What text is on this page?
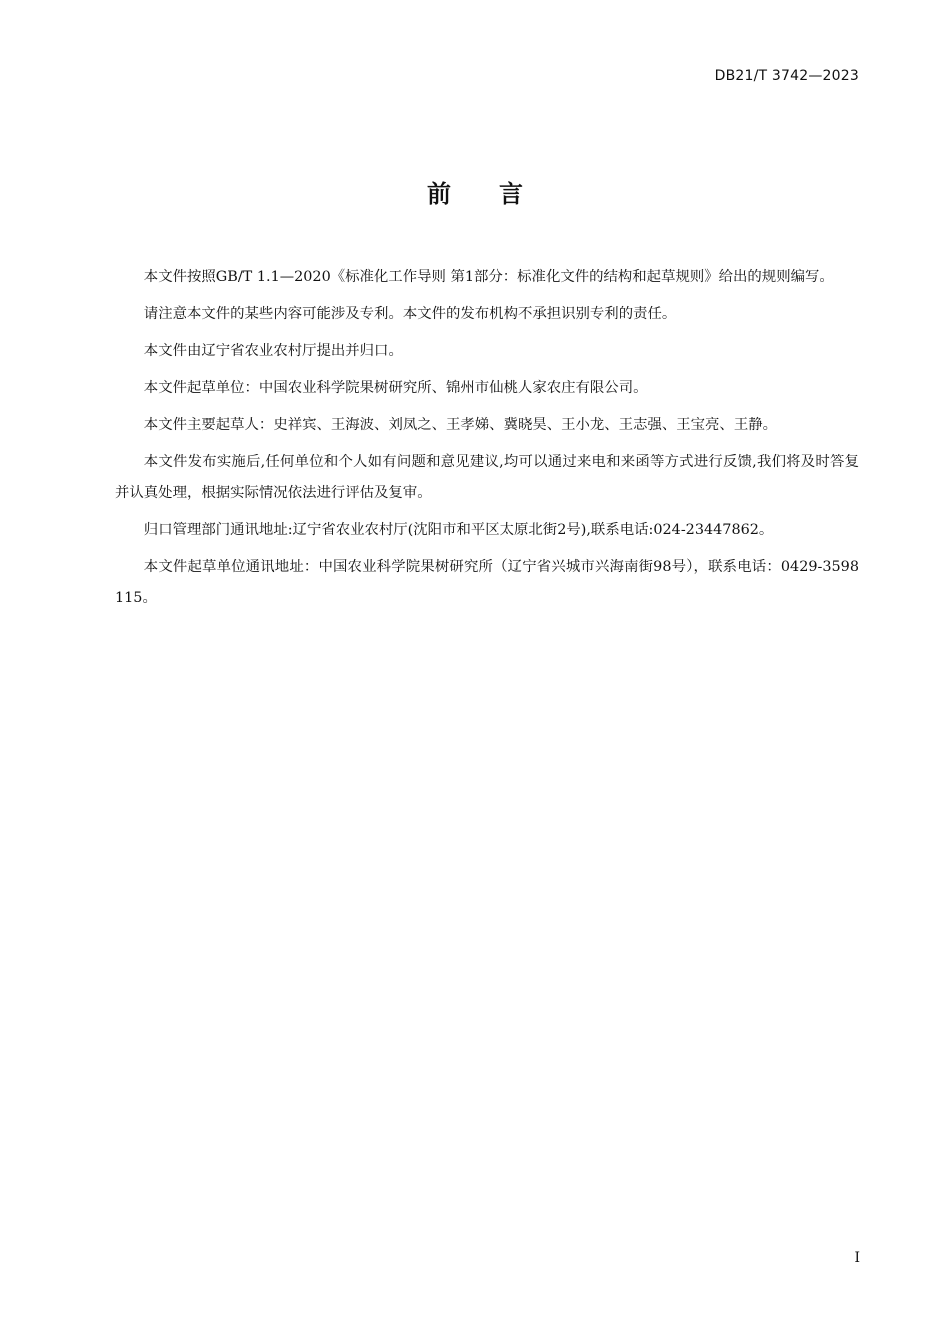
DB21/T 3742—2023
前言

本文件按照GB/T 1.1—2020《标准化工作导则 第1部分：标准化文件的结构和起草规则》给出的规则编写。

请注意本文件的某些内容可能涉及专利。本文件的发布机构不承担识别专利的责任。

本文件由辽宁省农业农村厅提出并归口。

本文件起草单位：中国农业科学院果树研究所、锦州市仙桃人家农庄有限公司。

本文件主要起草人：史祥宾、王海波、刘凤之、王孝娣、冀晓昊、王小龙、王志强、王宝亮、王静。

本文件发布实施后,任何单位和个人如有问题和意见建议,均可以通过来电和来函等方式进行反馈,我们将及时答复并认真处理，根据实际情况依法进行评估及复审。

归口管理部门通讯地址:辽宁省农业农村厅(沈阳市和平区太原北街2号),联系电话:024-23447862。

本文件起草单位通讯地址：中国农业科学院果树研究所（辽宁省兴城市兴海南街98号），联系电话：0429-3598115。

I
